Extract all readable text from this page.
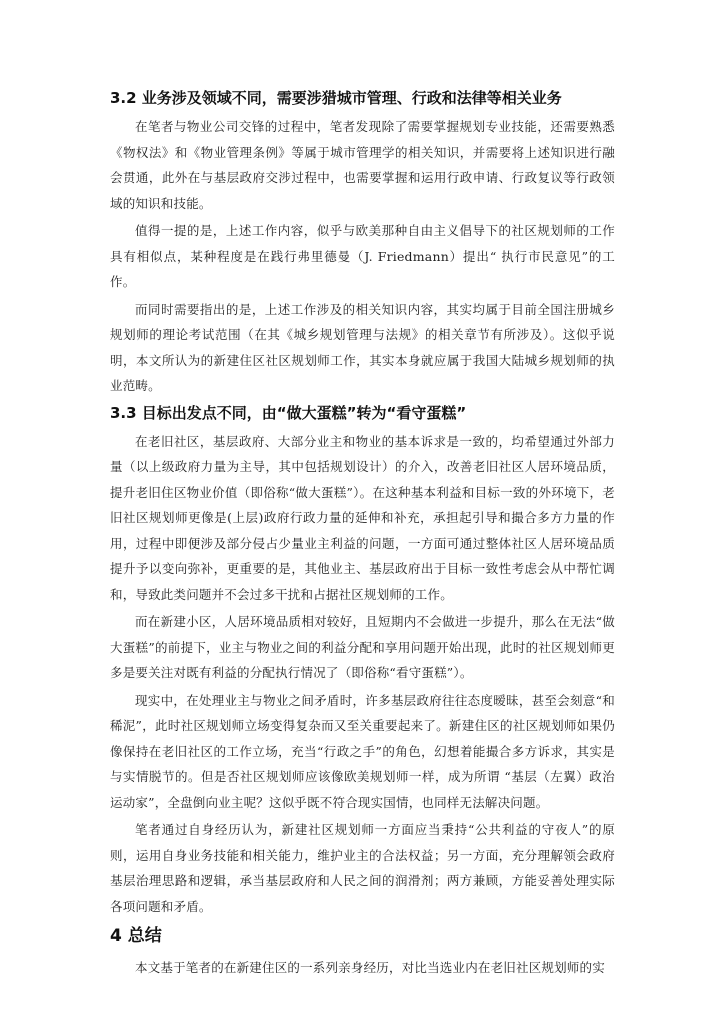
3.2 业务涉及领域不同，需要涉猎城市管理、行政和法律等相关业务

在笔者与物业公司交锋的过程中，笔者发现除了需要掌握规划专业技能，还需要熟悉《物权法》和《物业管理条例》等属于城市管理学的相关知识，并需要将上述知识进行融会贯通，此外在与基层政府交涉过程中，也需要掌握和运用行政申请、行政复议等行政领域的知识和技能。

值得一提的是，上述工作内容，似乎与欧美那种自由主义倡导下的社区规划师的工作具有相似点，某种程度是在践行弗里德曼（J. Friedmann）提出“ 执行市民意见”的工作。

而同时需要指出的是，上述工作涉及的相关知识内容，其实均属于目前全国注册城乡规划师的理论考试范围（在其《城乡规划管理与法规》的相关章节有所涉及）。这似乎说明，本文所认为的新建住区社区规划师工作，其实本身就应属于我国大陆城乡规划师的执业范畴。

3.3 目标出发点不同，由“做大蛋糕”转为“看守蛋糕”

在老旧社区，基层政府、大部分业主和物业的基本诉求是一致的，均希望通过外部力量（以上级政府力量为主导，其中包括规划设计）的介入，改善老旧社区人居环境品质，提升老旧住区物业价值（即俗称“做大蛋糕”）。在这种基本利益和目标一致的外环境下，老旧社区规划师更像是(上层)政府行政力量的延伸和补充，承担起引导和撮合多方力量的作用，过程中即便涉及部分侵占少量业主利益的问题，一方面可通过整体社区人居环境品质提升予以变向弥补，更重要的是，其他业主、基层政府出于目标一致性考虑会从中帮忙调和，导致此类问题并不会过多干扰和占据社区规划师的工作。

而在新建小区，人居环境品质相对较好，且短期内不会做进一步提升，那么在无法“做大蛋糕”的前提下，业主与物业之间的利益分配和享用问题开始出现，此时的社区规划师更多是要关注对既有利益的分配执行情况了（即俗称“看守蛋糕”）。

现实中，在处理业主与物业之间矛盾时，许多基层政府往往态度暧昧，甚至会刻意“和稀泥”，此时社区规划师立场变得复杂而又至关重要起来了。新建住区的社区规划师如果仍像保持在老旧社区的工作立场，充当“行政之手”的角色，幻想着能撮合多方诉求，其实是与实情脱节的。但是否社区规划师应该像欧美规划师一样，成为所谓 “基层（左翼）政治运动家”，全盘倒向业主呢？这似乎既不符合现实国情，也同样无法解决问题。

笔者通过自身经历认为，新建社区规划师一方面应当秉持“公共利益的守夜人”的原则，运用自身业务技能和相关能力，维护业主的合法权益；另一方面，充分理解领会政府基层治理思路和逻辑，承当基层政府和人民之间的润滑剂；两方兼顾，方能妥善处理实际各项问题和矛盾。

4 总结

本文基于笔者的在新建住区的一系列亲身经历，对比当选业内在老旧社区规划师的实
